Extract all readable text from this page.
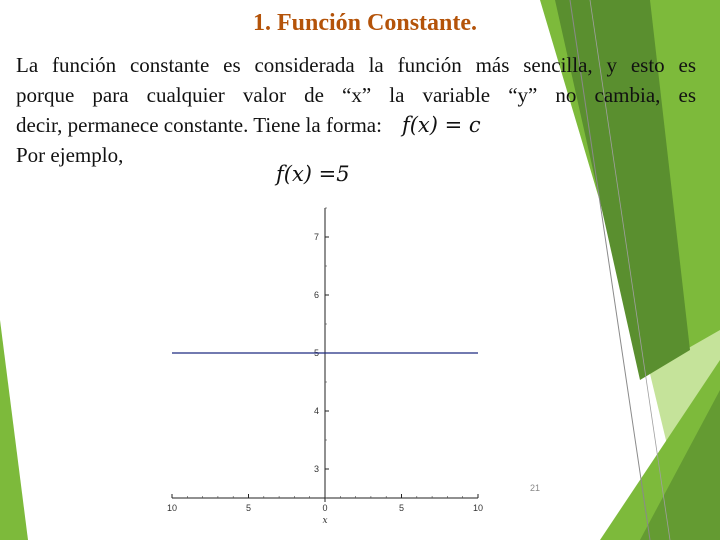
1. Función Constante.
La función constante es considerada la función más sencilla, y esto es
porque para cualquier valor de “x” la variable “y” no cambia, es
decir, permanece constante. Tiene la forma: f(x) = c
Por ejemplo,
f(x) =5
10	5	0	5	10
3
4
5
6
7
x
21
